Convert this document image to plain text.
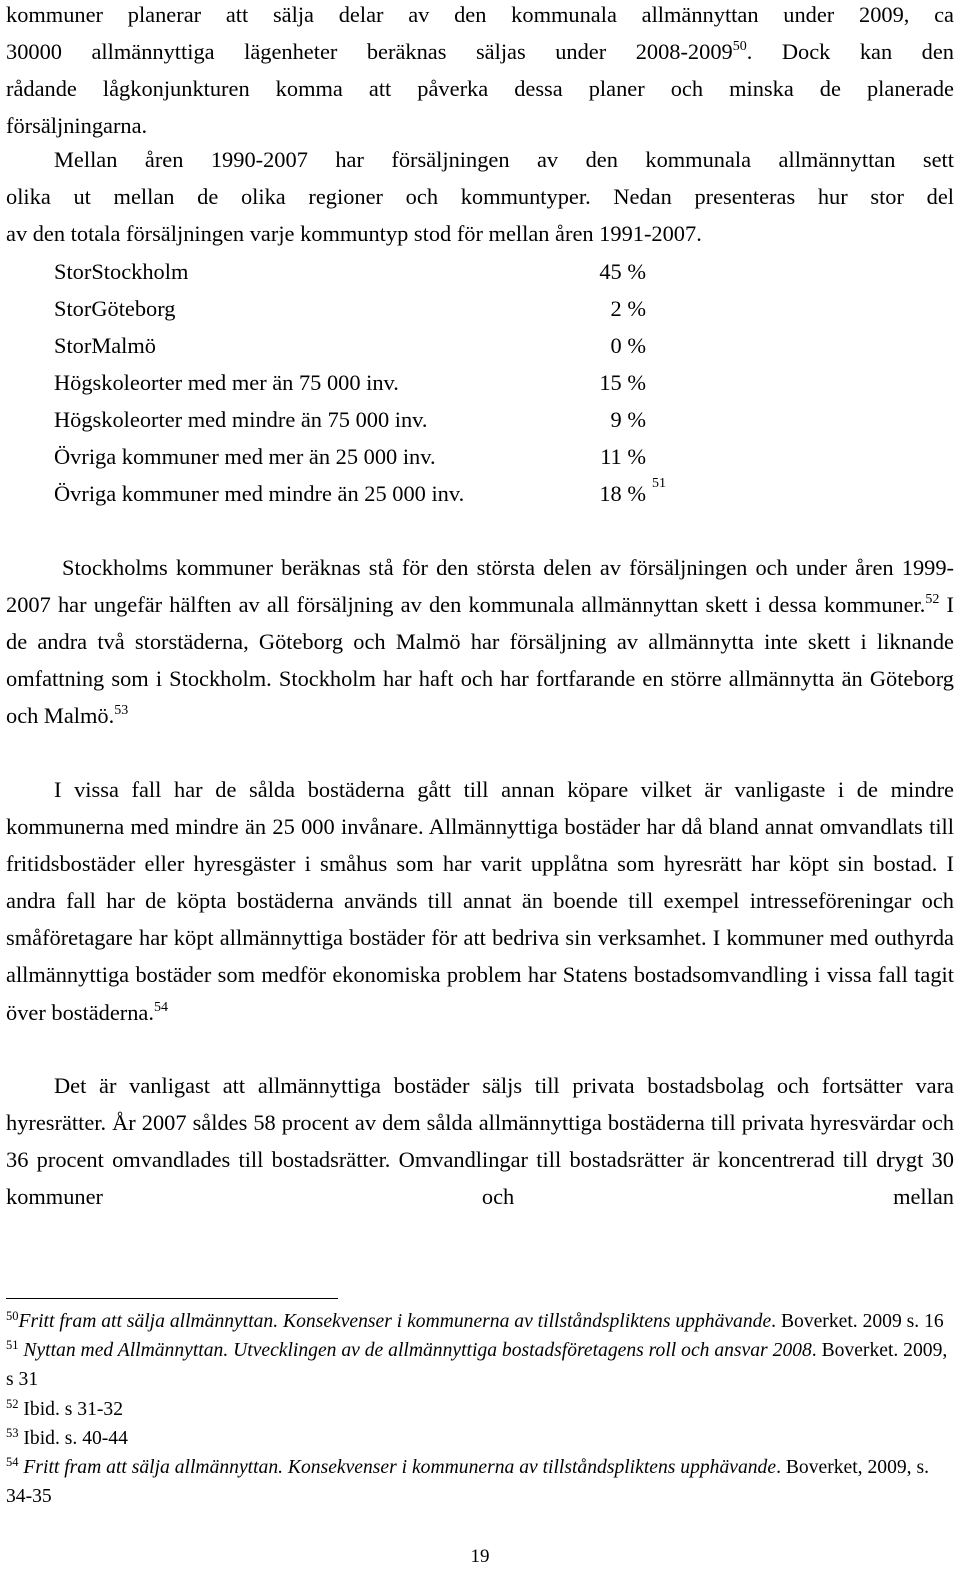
kommuner planerar att sälja delar av den kommunala allmännyttan under 2009, ca

30000 allmännyttiga lägenheter beräknas säljas under 2008-2009$^{50}$. Dock kan den

rådande lågkonjunkturen komma att påverka dessa planer och minska de planerade

försäljningarna.

Mellan åren 1990-2007 har försäljningen av den kommunala allmännyttan sett

olika ut mellan de olika regioner och kommuntyper. Nedan presenteras hur stor del

av den totala försäljningen varje kommuntyp stod för mellan åren 1991-2007.

StorStockholm	45 %
StorGöteborg	2 %
StorMalmö	0 %
Högskoleorter med mer än 75 000 inv.	15 %
Högskoleorter med mindre än 75 000 inv.	9 %
Övriga kommuner med mer än 25 000 inv.	11 %
Övriga kommuner med mindre än 25 000 inv.	18 % 51

Stockholms kommuner beräknas stå för den största delen av försäljningen och under åren 1999-2007 har ungefär hälften av all försäljning av den kommunala allmännyttan skett i dessa kommuner.$^{52}$ I de andra två storstäderna, Göteborg och Malmö har försäljning av allmännytta inte skett i liknande omfattning som i Stockholm. Stockholm har haft och har fortfarande en större allmännytta än Göteborg och Malmö.$^{53}$

I vissa fall har de sålda bostäderna gått till annan köpare vilket är vanligaste i de mindre kommunerna med mindre än 25 000 invånare. Allmännyttiga bostäder har då bland annat omvandlats till fritidsbostäder eller hyresgäster i småhus som har varit upplåtna som hyresrätt har köpt sin bostad. I andra fall har de köpta bostäderna används till annat än boende till exempel intresseföreningar och småföretagare har köpt allmännyttiga bostäder för att bedriva sin verksamhet. I kommuner med outhyrda allmännyttiga bostäder som medför ekonomiska problem har Statens bostadsomvandling i vissa fall tagit över bostäderna.$^{54}$

Det är vanligast att allmännyttiga bostäder säljs till privata bostadsbolag och fortsätter vara hyresrätter. År 2007 såldes 58 procent av dem sålda allmännyttiga bostäderna till privata hyresvärdar och 36 procent omvandlades till bostadsrätter. Omvandlingar till bostadsrätter är koncentrerad till drygt 30 kommuner och mellan

$^{50}$Fritt fram att sälja allmännyttan. Konsekvenser i kommunerna av tillståndspliktens upphävande. Boverket. 2009 s. 16

$^{51}$ Nyttan med Allmännyttan. Utvecklingen av de allmännyttiga bostadsföretagens roll och ansvar 2008. Boverket. 2009, s 31

$^{52}$ Ibid. s 31-32

$^{53}$ Ibid. s. 40-44

$^{54}$ Fritt fram att sälja allmännyttan. Konsekvenser i kommunerna av tillståndspliktens upphävande. Boverket, 2009, s. 34-35

19
